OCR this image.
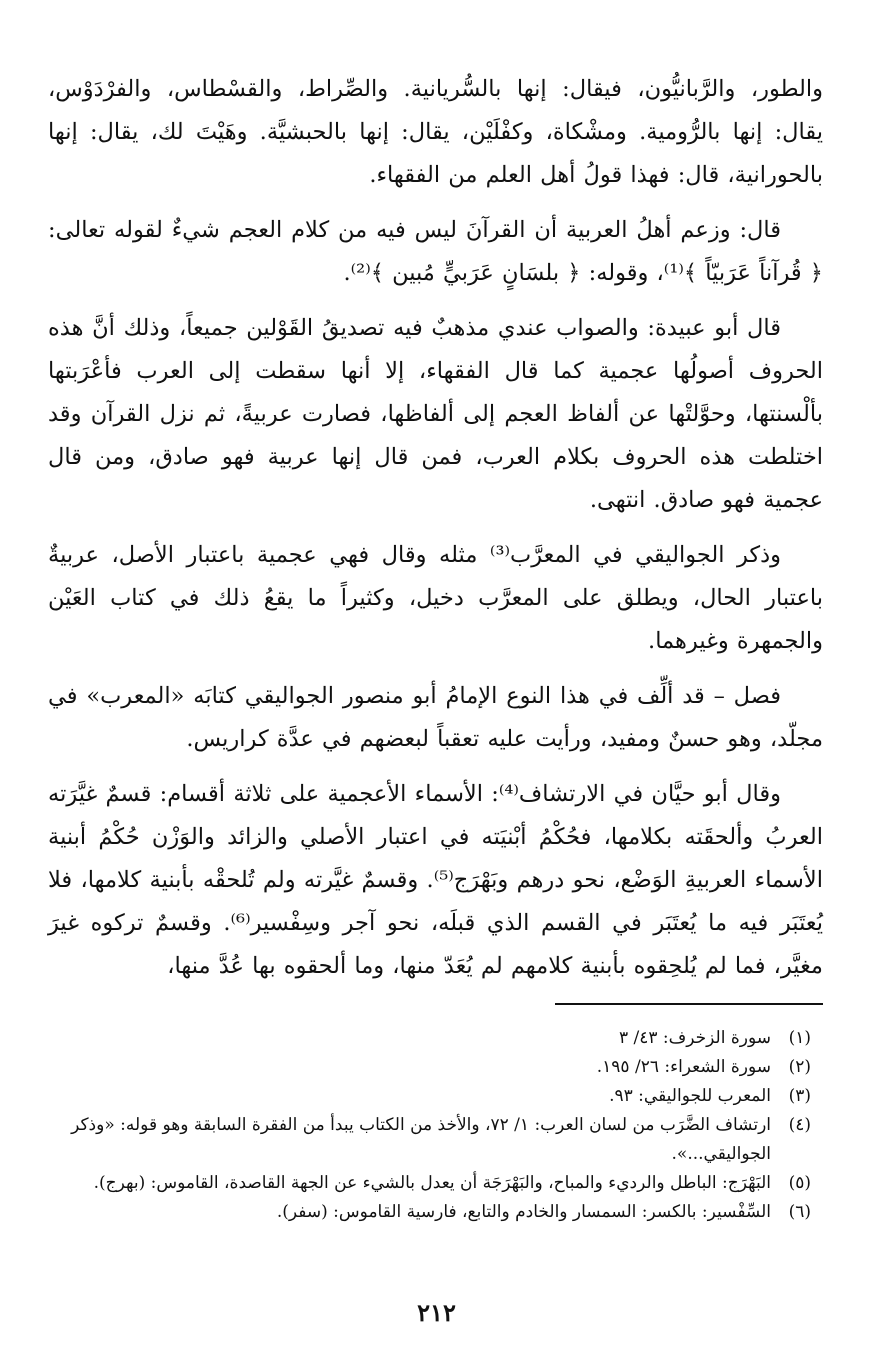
والطور، والرَّبانيُّون، فيقال: إنها بالسُّريانية. والصِّراط، والقسْطاس، والفرْدَوْس، يقال: إنها بالرُّومية. ومشْكاة، وكفْلَيْن، يقال: إنها بالحبشيَّة. وهَيْتَ لك، يقال: إنها بالحورانية، قال: فهذا قولُ أهل العلم من الفقهاء.

قال: وزعم أهلُ العربية أن القرآنَ ليس فيه من كلام العجم شيءٌ لقوله تعالى: ﴿ قُرآناً عَرَبيّاً ﴾⁽¹⁾، وقوله: ﴿ بلسَانٍ عَرَبيٍّ مُبين ﴾⁽²⁾.

قال أبو عبيدة: والصواب عندي مذهبٌ فيه تصديقُ القَوْلين جميعاً، وذلك أنَّ هذه الحروف أصولُها عجمية كما قال الفقهاء، إلا أنها سقطت إلى العرب فأعْرَبتها بألْسنتها، وحوَّلتْها عن ألفاظ العجم إلى ألفاظها، فصارت عربيةً، ثم نزل القرآن وقد اختلطت هذه الحروف بكلام العرب، فمن قال إنها عربية فهو صادق، ومن قال عجمية فهو صادق. انتهى.

وذكر الجواليقي في المعرَّب⁽³⁾ مثله وقال فهي عجمية باعتبار الأصل، عربيةٌ باعتبار الحال، ويطلق على المعرَّب دخيل، وكثيراً ما يقعُ ذلك في كتاب العَيْن والجمهرة وغيرهما.

فصل – قد ألِّف في هذا النوع الإمامُ أبو منصور الجواليقي كتابَه «المعرب» في مجلّد، وهو حسنٌ ومفيد، ورأيت عليه تعقباً لبعضهم في عدَّة كراريس.

وقال أبو حيَّان في الارتشاف⁽⁴⁾: الأسماء الأعجمية على ثلاثة أقسام: قسمٌ غيَّرَته العربُ وألحقَته بكلامها، فحُكْمُ أبْنيَته في اعتبار الأصلي والزائد والوَزْن حُكْمُ أبنية الأسماء العربيةِ الوَضْع، نحو درهم وبَهْرَج⁽⁵⁾. وقسمٌ غيَّرته ولم تُلحقْه بأبنية كلامها، فلا يُعتَبَر فيه ما يُعتَبَر في القسم الذي قبلَه، نحو آجر وسِفْسير⁽⁶⁾. وقسمٌ تركوه غيرَ مغيَّر، فما لم يُلحِقوه بأبنية كلامهم لم يُعَدّ منها، وما ألحقوه بها عُدَّ منها،

(١)سورة الزخرف: ٤٣/ ٣

(٢)سورة الشعراء: ٢٦/ ١٩٥.

(٣)المعرب للجواليقي: ٩٣.

(٤)ارتشاف الضَّرَب من لسان العرب: ١/ ٧٢، والأخذ من الكتاب يبدأ من الفقرة السابقة وهو قوله: «وذكر الجواليقي...».

(٥)البَهْرَج: الباطل والرديء والمباح، والبَهْرَجَة أن يعدل بالشيء عن الجهة القاصدة، القاموس: (بهرج).

(٦)السِّفْسير: بالكسر: السمسار والخادم والتابع، فارسية القاموس: (سفر).

٢١٢
